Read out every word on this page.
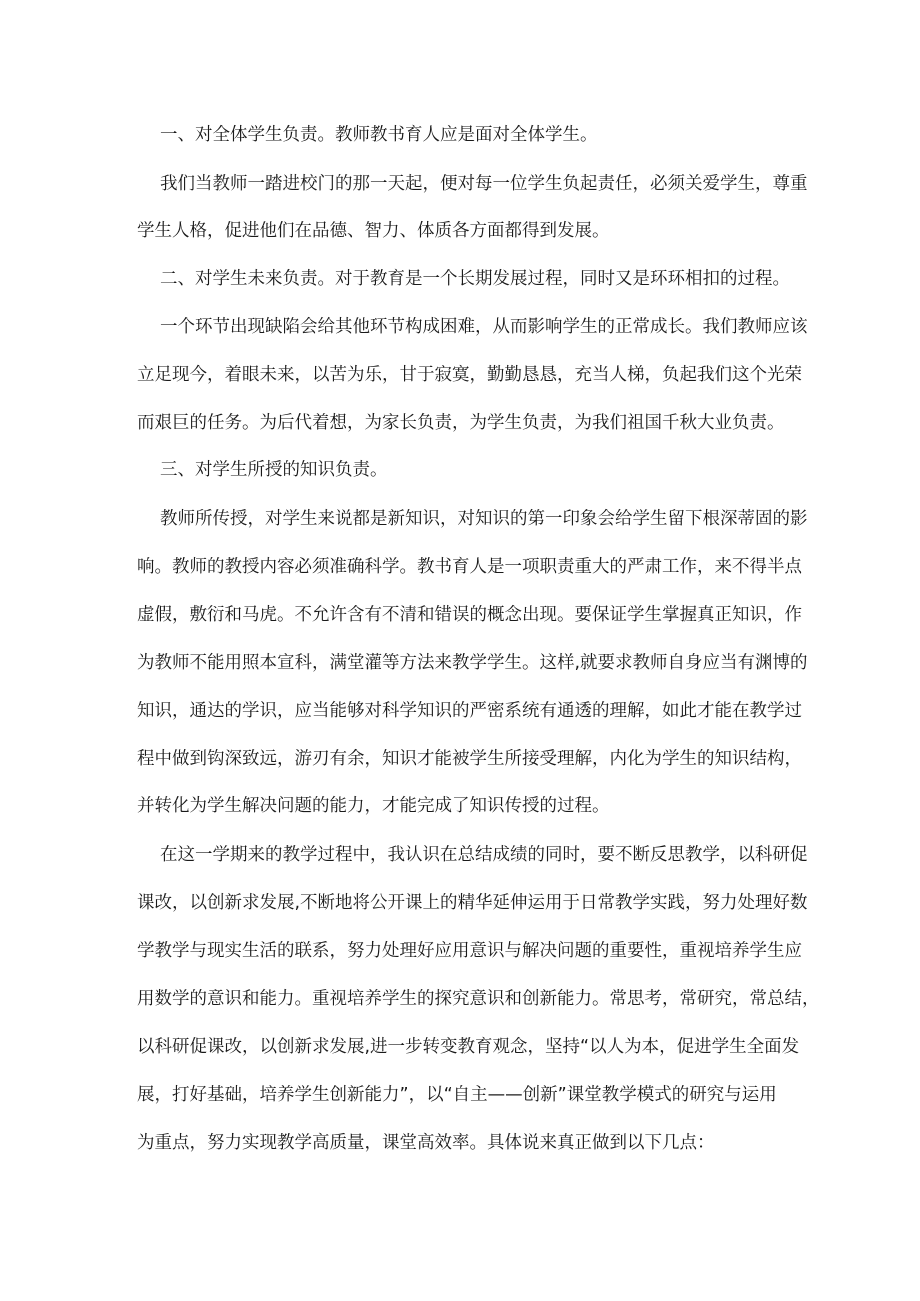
一、对全体学生负责。教师教书育人应是面对全体学生。
我们当教师一踏进校门的那一天起，便对每一位学生负起责任，必须关爱学生，尊重
学生人格，促进他们在品德、智力、体质各方面都得到发展。
二、对学生未来负责。对于教育是一个长期发展过程，同时又是环环相扣的过程。
一个环节出现缺陷会给其他环节构成困难，从而影响学生的正常成长。我们教师应该
立足现今，着眼未来，以苦为乐，甘于寂寞，勤勤恳恳，充当人梯，负起我们这个光荣
而艰巨的任务。为后代着想，为家长负责，为学生负责，为我们祖国千秋大业负责。
三、对学生所授的知识负责。
教师所传授，对学生来说都是新知识，对知识的第一印象会给学生留下根深蒂固的影
响。教师的教授内容必须准确科学。教书育人是一项职责重大的严肃工作，来不得半点
虚假，敷衍和马虎。不允许含有不清和错误的概念出现。要保证学生掌握真正知识，作
为教师不能用照本宣科，满堂灌等方法来教学学生。这样,就要求教师自身应当有渊博的
知识，通达的学识，应当能够对科学知识的严密系统有通透的理解，如此才能在教学过
程中做到钩深致远，游刃有余，知识才能被学生所接受理解，内化为学生的知识结构，
并转化为学生解决问题的能力，才能完成了知识传授的过程。
在这一学期来的教学过程中，我认识在总结成绩的同时，要不断反思教学，以科研促
课改，以创新求发展,不断地将公开课上的精华延伸运用于日常教学实践，努力处理好数
学教学与现实生活的联系，努力处理好应用意识与解决问题的重要性，重视培养学生应
用数学的意识和能力。重视培养学生的探究意识和创新能力。常思考，常研究，常总结，
以科研促课改，以创新求发展,进一步转变教育观念，坚持“以人为本，促进学生全面发
展，打好基础，培养学生创新能力”，以“自主——创新”课堂教学模式的研究与运用
为重点，努力实现教学高质量，课堂高效率。具体说来真正做到以下几点：
